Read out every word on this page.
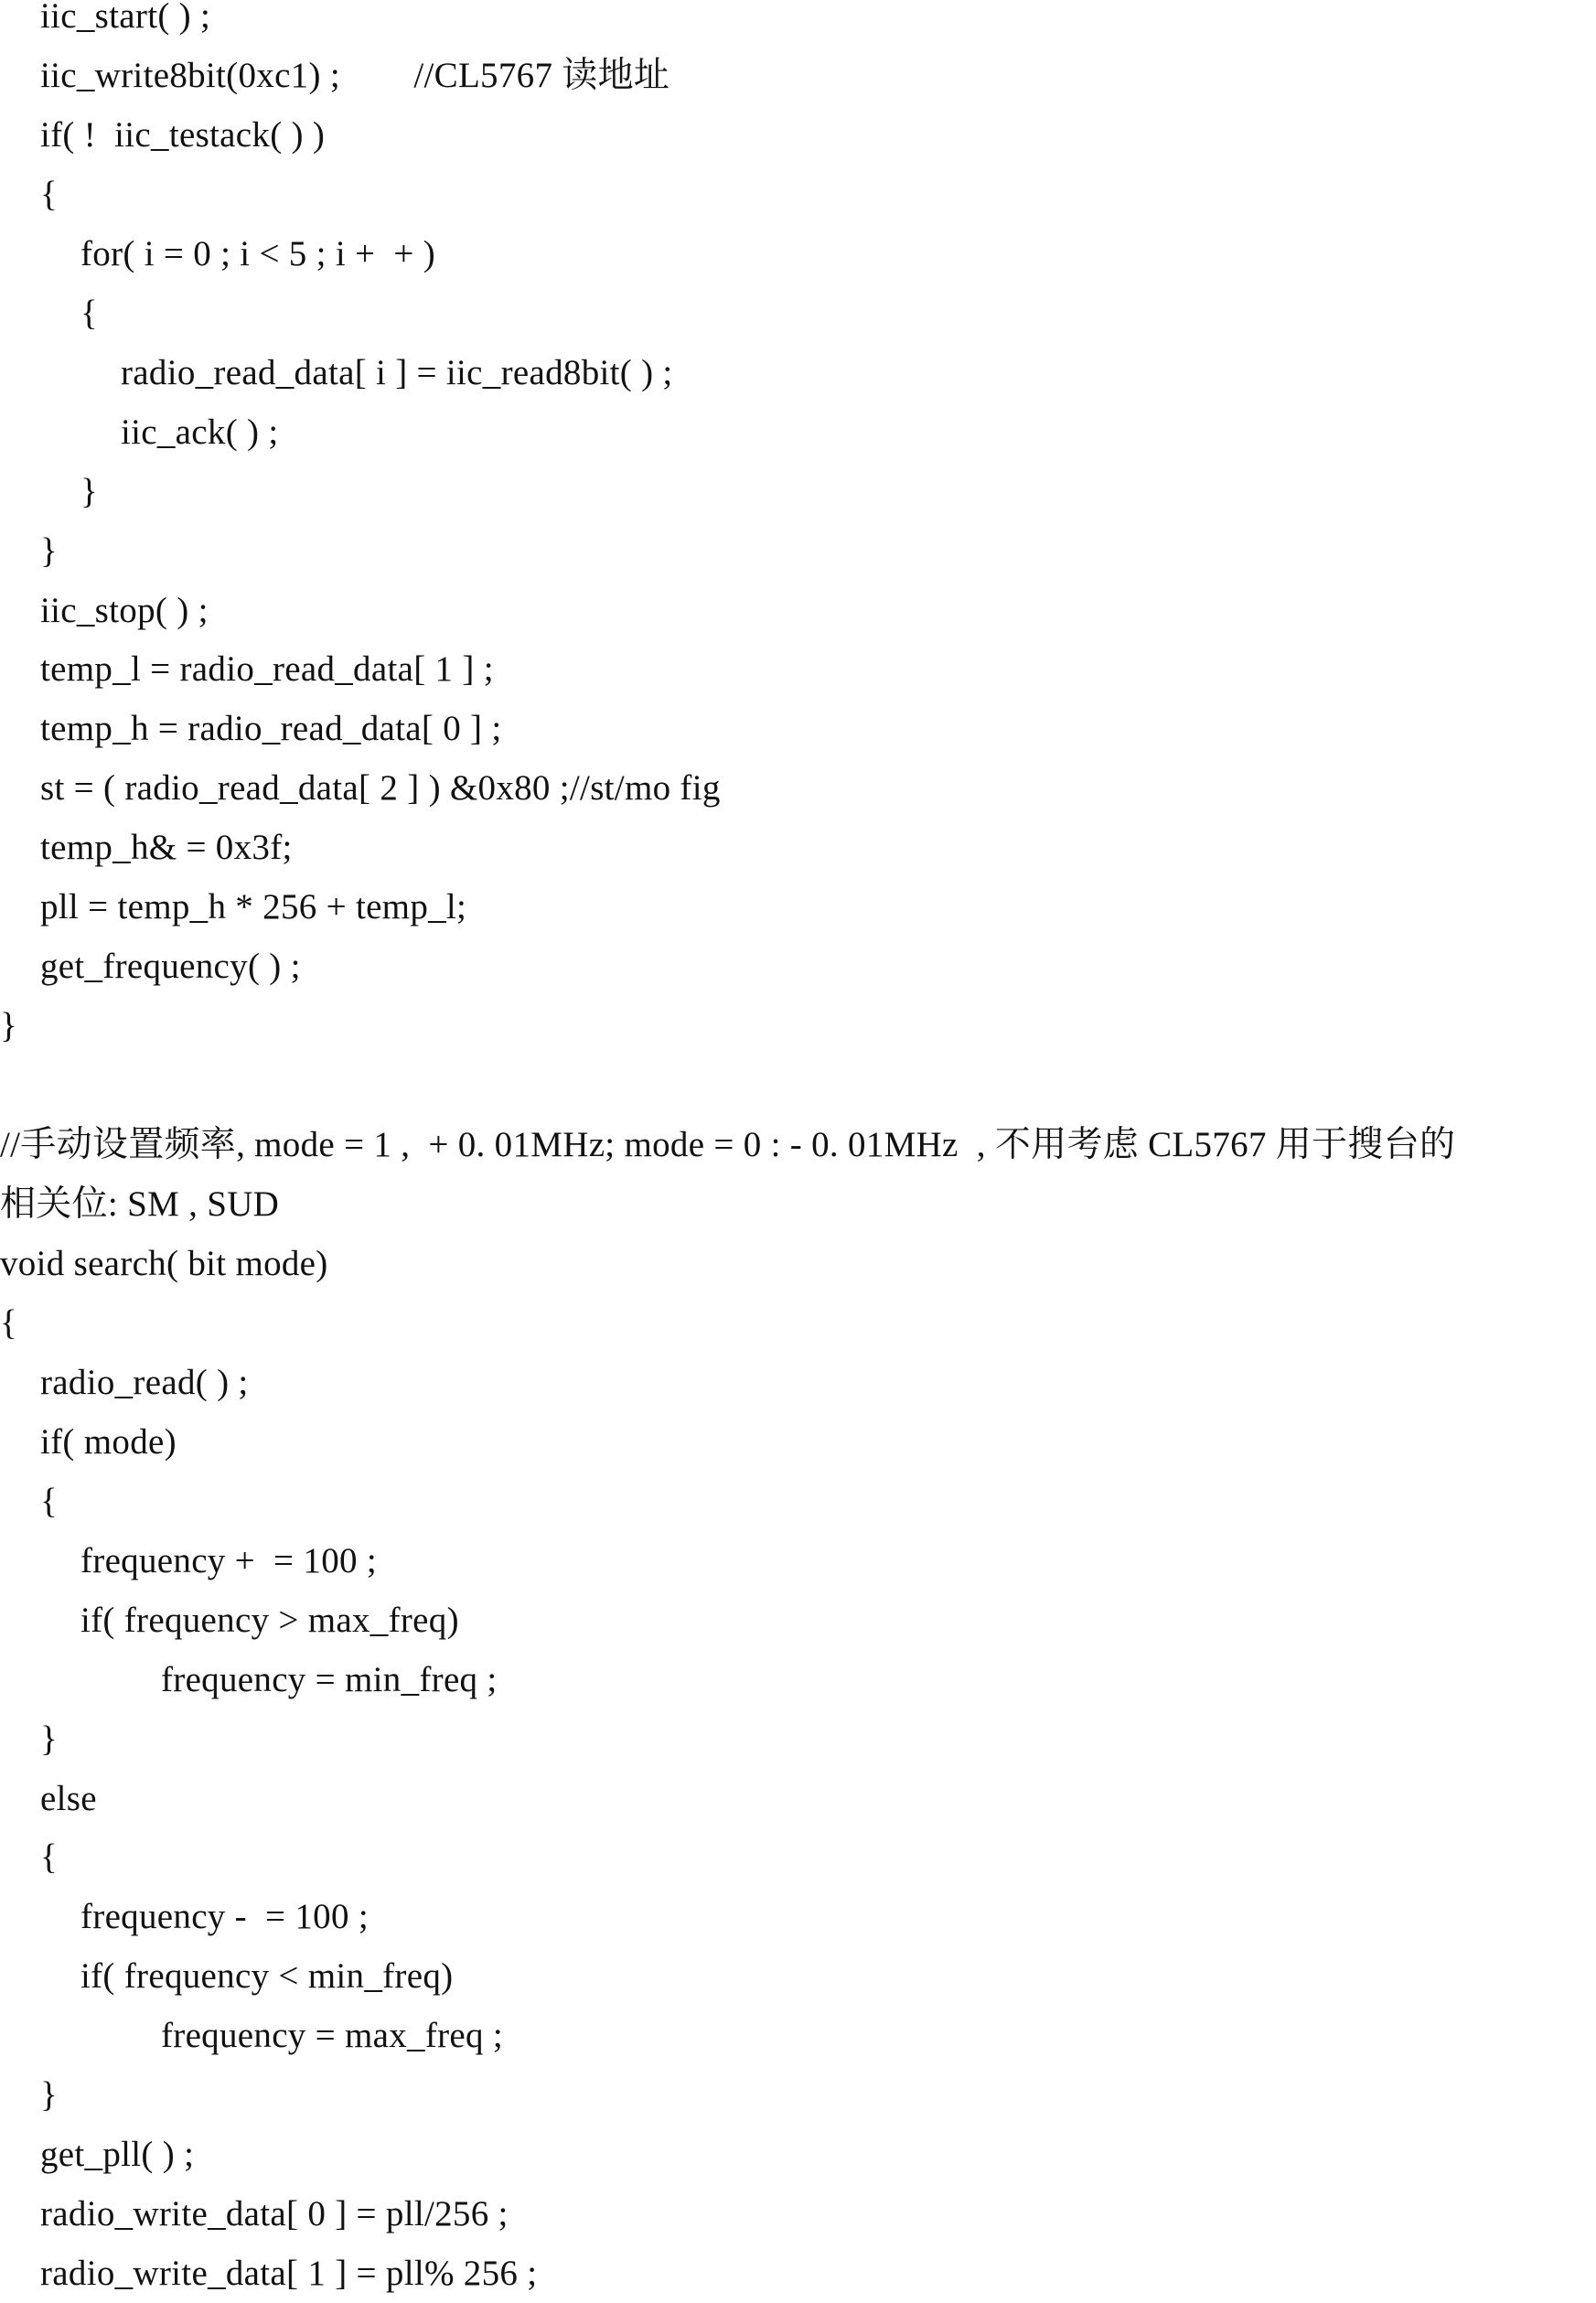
iic_start( ) ;
iic_write8bit(0xc1) ;        //CL5767 读地址
if( !  iic_testack( ) )
{
for( i = 0 ; i < 5 ; i +  + )
{
radio_read_data[ i ] = iic_read8bit( ) ;
iic_ack( ) ;
}
}
iic_stop( ) ;
temp_l = radio_read_data[ 1 ] ;
temp_h = radio_read_data[ 0 ] ;
st = ( radio_read_data[ 2 ] ) &0x80 ;//st/mo fig
temp_h& = 0x3f;
pll = temp_h * 256 + temp_l;
get_frequency( ) ;
}
//手动设置频率, mode = 1 ,  + 0. 01MHz; mode = 0 : - 0. 01MHz  , 不用考虑 CL5767 用于搜台的
相关位: SM , SUD
void search( bit mode)
{
radio_read( ) ;
if( mode)
{
frequency +  = 100 ;
if( frequency > max_freq)
frequency = min_freq ;
}
else
{
frequency -  = 100 ;
if( frequency < min_freq)
frequency = max_freq ;
}
get_pll( ) ;
radio_write_data[ 0 ] = pll/256 ;
radio_write_data[ 1 ] = pll% 256 ;
